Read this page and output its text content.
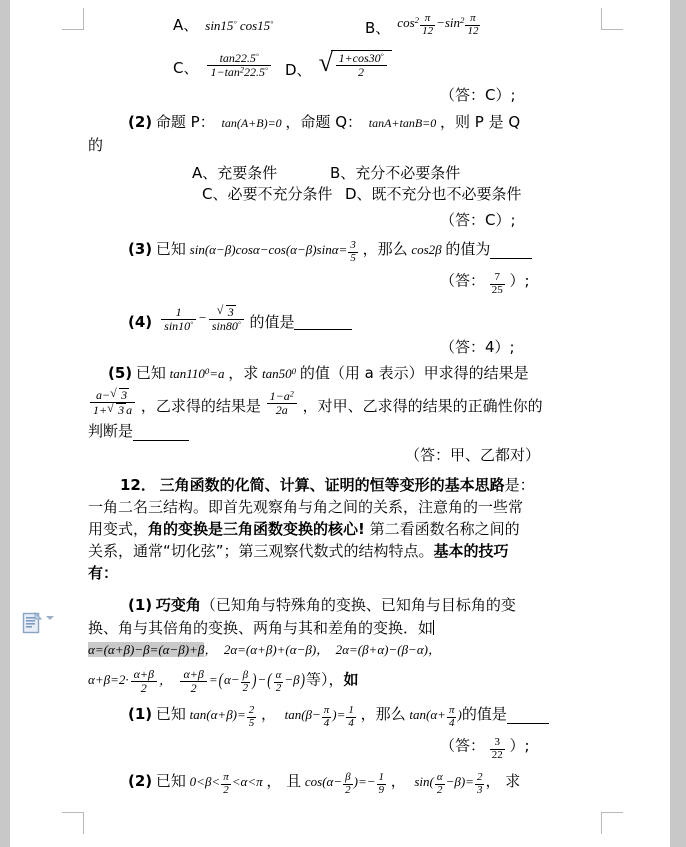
A、  sin15° cos15°	B、  $\cos^2 \frac{\pi}{12} -\sin^2 \frac{\pi}{12}$
C、 $\frac{\tan 22.5^\circ}{1-\tan^222.5^\circ}$ D、 √ $\frac{1+\cos 30^\circ}{2}$
（答：C）;
(2) 命题 P：  tan(A+B)=0 ，命题 Q：  tanA+tanB=0 ，则 P 是 Q
的
A、充要条件	B、充分不必要条件
C、必要不充分条件 D、既不充分也不必要条件
（答：C）;
(3) 已知 $\sin(\alpha-\beta)\cos\alpha-\cos(\alpha-\beta)\sin\alpha= \frac{3}{5}$ ，那么 cos2β 的值为
（答： $\frac{7}{25}$ ）;
$(4) \frac{1}{\sin 10^\circ}$ − √ $\frac{3}{\sin 80^\circ}$ 的值是
（答：4）;
(5) 已知 $\tan 110^0=a$ ，求 $\tan 50^0$ 的值（用 a 表示）甲求得的结果是
$\frac{a- √ 3}{1+ √ 3 a}$ ，乙求得的结果是 $\frac{1-a^2}{2a}$ ，对甲、乙求得的结果的正确性你的
判断是
（答：甲、乙都对）
12． 三角函数的化简、计算、证明的恒等变形的基本思路是：
一角二名三结构。即首先观察角与角之间的关系，注意角的一些常
用变式，角的变换是三角函数变换的核心! 第二看函数名称之间的
关系，通常“切化弦”；第三观察代数式的结构特点。基本的技巧
有：
(1) 巧变角（已知角与特殊角的变换、已知角与目标角的变
换、角与其倍角的变换、两角与其和差角的变换．如
α=(α+β)−β=(α−β)+β，  2α=(α+β)+(α−β)，  2α=(β+α)−(β−α)，
$\alpha+\beta=2\cdot \frac{\alpha+\beta}{2}$ ， $\frac{\alpha+\beta}{2} =(\alpha- \frac{\beta}{2}$ )−( $\frac{\alpha}{2} -\beta$)等），如
(1) 已知 $\tan(\alpha+\beta)= \frac{2}{5}$ ，  $\tan(\beta- \frac{\pi}{4}$ )= $\frac{1}{4}$ ，那么 $\tan(\alpha+ \frac{\pi}{4}$ )的值是
（答： $\frac{3}{22}$ ）;
(2) 已知 $0<\beta< \frac{\pi}{2} <\alpha<\pi$ ， 且 $\cos(\alpha- \frac{\beta}{2}$ )=− $\frac{1}{9}$ ，  $\sin( \frac{\alpha}{2} -\beta)= \frac{2}{3}$ ， 求
